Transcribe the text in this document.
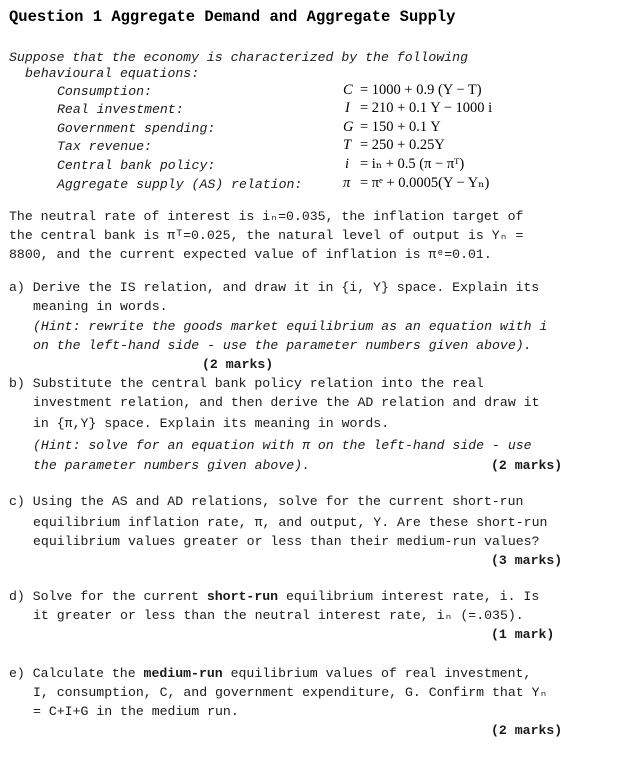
Question 1 Aggregate Demand and Aggregate Supply
Suppose that the economy is characterized by the following
behavioural equations:
Consumption:
Real investment:
Government spending:
Tax revenue:
Central bank policy:
Aggregate supply (AS) relation:
C
I
G
T
i
π
= 1000 + 0.9 (Y − T)
= 210 + 0.1 Y − 1000 i
= 150 + 0.1 Y
= 250 + 0.25Y
= iₙ + 0.5 (π − πᵀ)
= πᵉ + 0.0005(Y − Yₙ)
The neutral rate of interest is iₙ=0.035, the inflation target of
the central bank is πᵀ=0.025, the natural level of output is Yₙ =
8800, and the current expected value of inflation is πᵉ=0.01.
a) Derive the IS relation, and draw it in {i, Y} space. Explain its
meaning in words.
(Hint: rewrite the goods market equilibrium as an equation with i
on the left-hand side - use the parameter numbers given above).
(2 marks)
b) Substitute the central bank policy relation into the real
investment relation, and then derive the AD relation and draw it
in {π,Y} space. Explain its meaning in words.
(Hint: solve for an equation with π on the left-hand side - use
the parameter numbers given above).	(2 marks)
c) Using the AS and AD relations, solve for the current short-run
equilibrium inflation rate, π, and output, Y. Are these short-run
equilibrium values greater or less than their medium-run values?
(3 marks)
d) Solve for the current short-run equilibrium interest rate, i. Is
it greater or less than the neutral interest rate, iₙ (=.035).
(1 mark)
e) Calculate the medium-run equilibrium values of real investment,
I, consumption, C, and government expenditure, G. Confirm that Yₙ
= C+I+G in the medium run.
(2 marks)
